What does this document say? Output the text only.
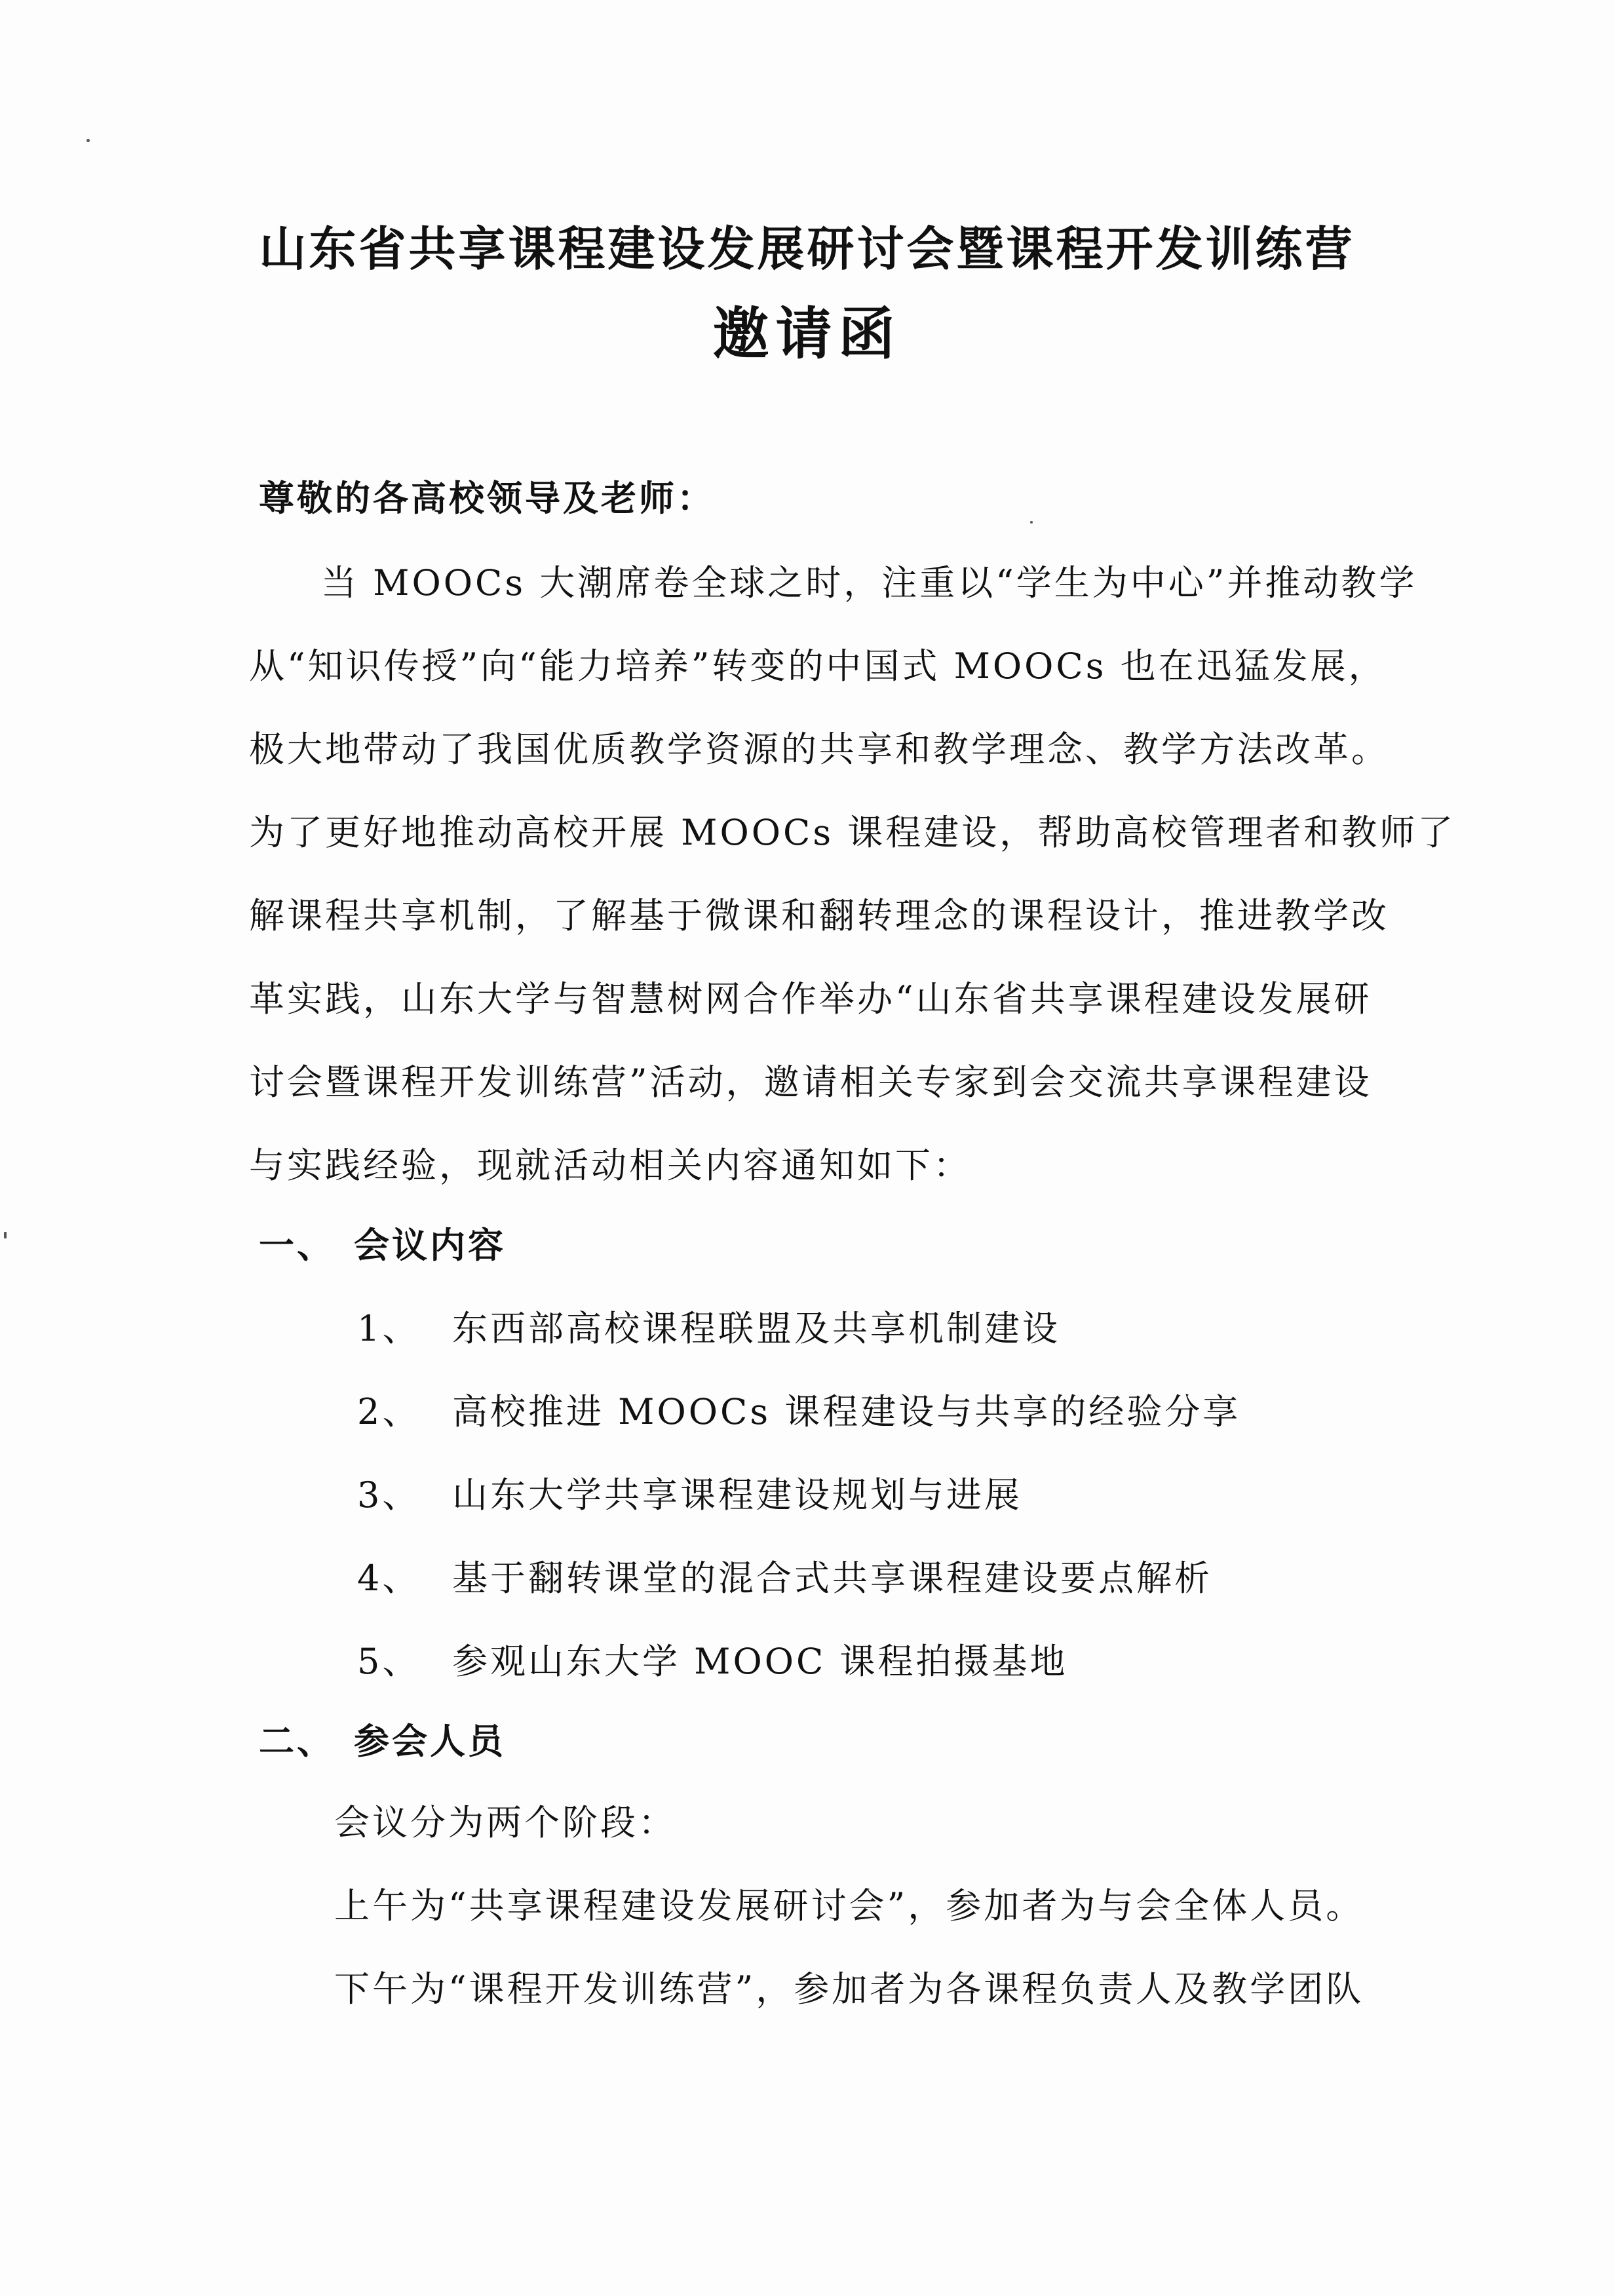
山东省共享课程建设发展研讨会暨课程开发训练营
邀请函
尊敬的各高校领导及老师：
当 MOOCs 大潮席卷全球之时，注重以“学生为中心”并推动教学
从“知识传授”向“能力培养”转变的中国式 MOOCs 也在迅猛发展，
极大地带动了我国优质教学资源的共享和教学理念、教学方法改革。
为了更好地推动高校开展 MOOCs 课程建设，帮助高校管理者和教师了
解课程共享机制，了解基于微课和翻转理念的课程设计，推进教学改
革实践，山东大学与智慧树网合作举办“山东省共享课程建设发展研
讨会暨课程开发训练营”活动，邀请相关专家到会交流共享课程建设
与实践经验，现就活动相关内容通知如下：
一、 会议内容
1、 东西部高校课程联盟及共享机制建设
2、 高校推进 MOOCs 课程建设与共享的经验分享
3、 山东大学共享课程建设规划与进展
4、 基于翻转课堂的混合式共享课程建设要点解析
5、 参观山东大学 MOOC 课程拍摄基地
二、 参会人员
会议分为两个阶段：
上午为“共享课程建设发展研讨会”，参加者为与会全体人员。
下午为“课程开发训练营”，参加者为各课程负责人及教学团队
